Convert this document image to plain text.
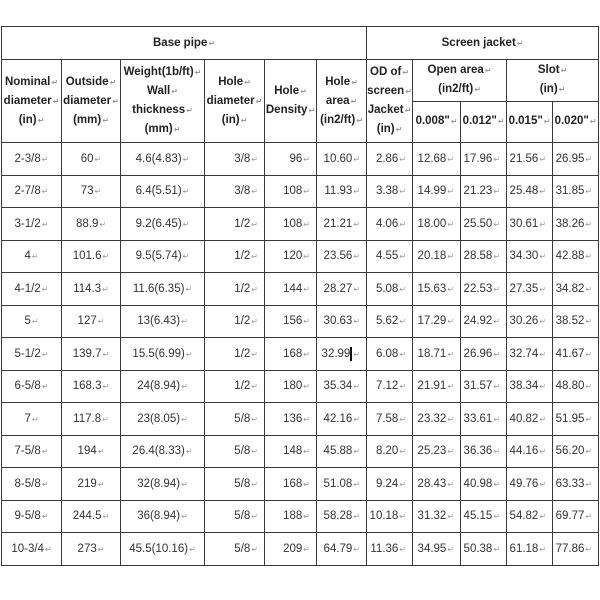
Base pipe↵						Screen jacket↵				
Nominal↵
diameter↵
(in)↵	Outside↵
diameter↵
(mm)↵	Weight(1b/ft)↵
Wall↵
thickness↵
(mm)↵	Hole↵
diameter↵
(in)↵	Hole↵
Density↵	Hole↵
area↵
(in2/ft)↵	OD of↵
screen↵
Jacket↵
(in)↵	Open area↵
(in2/ft)↵		Slot↵
(in)↵	
							0.008"↵	0.012"↵	0.015"↵	0.020"↵
2-3/8↵	60↵	4.6(4.83)↵	3/8↵	96↵	10.60↵	2.86↵	12.68↵	17.96↵	21.56↵	26.95↵
2-7/8↵	73↵	6.4(5.51)↵	3/8↵	108↵	11.93↵	3.38↵	14.99↵	21.23↵	25.48↵	31.85↵
3-1/2↵	88.9↵	9.2(6.45)↵	1/2↵	108↵	21.21↵	4.06↵	18.00↵	25.50↵	30.61↵	38.26↵
4↵	101.6↵	9.5(5.74)↵	1/2↵	120↵	23.56↵	4.55↵	20.18↵	28.58↵	34.30↵	42.88↵
4-1/2↵	114.3↵	11.6(6.35)↵	1/2↵	144↵	28.27↵	5.08↵	15.63↵	22.53↵	27.35↵	34.82↵
5↵	127↵	13(6.43)↵	1/2↵	156↵	30.63↵	5.62↵	17.29↵	24.92↵	30.26↵	38.52↵
5-1/2↵	139.7↵	15.5(6.99)↵	1/2↵	168↵	32.99 ↵	6.08↵	18.71↵	26.96↵	32.74↵	41.67↵
6-5/8↵	168.3↵	24(8.94)↵	1/2↵	180↵	35.34↵	7.12↵	21.91↵	31.57↵	38.34↵	48.80↵
7↵	117.8↵	23(8.05)↵	5/8↵	136↵	42.16↵	7.58↵	23.32↵	33.61↵	40.82↵	51.95↵
7-5/8↵	194↵	26.4(8.33)↵	5/8↵	148↵	45.88↵	8.20↵	25.23↵	36.36↵	44.16↵	56.20↵
8-5/8↵	219↵	32(8.94)↵	5/8↵	168↵	51.08↵	9.24↵	28.43↵	40.98↵	49.76↵	63.33↵
9-5/8↵	244.5↵	36(8.94)↵	5/8↵	188↵	58.28↵	10.18↵	31.32↵	45.15↵	54.82↵	69.77↵
10-3/4↵	273↵	45.5(10.16)↵	5/8↵	209↵	64.79↵	11.36↵	34.95↵	50.38↵	61.18↵	77.86↵
